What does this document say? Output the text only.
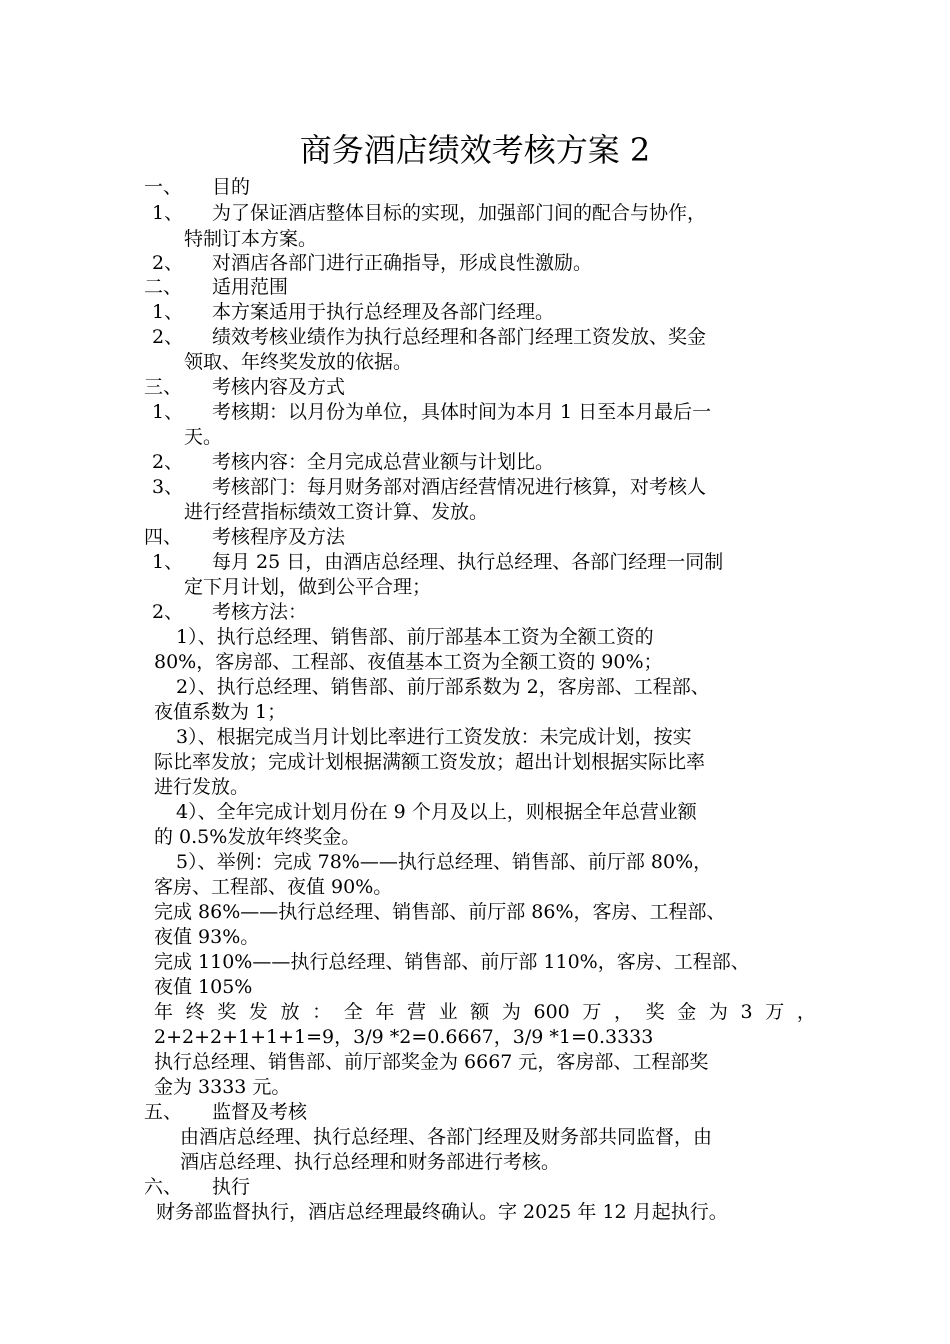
商务酒店绩效考核方案 2
一、 目的
1、 为了保证酒店整体目标的实现，加强部门间的配合与协作，
特制订本方案。
2、 对酒店各部门进行正确指导，形成良性激励。
二、 适用范围
1、 本方案适用于执行总经理及各部门经理。
2、 绩效考核业绩作为执行总经理和各部门经理工资发放、奖金
领取、年终奖发放的依据。
三、 考核内容及方式
1、 考核期：以月份为单位，具体时间为本月 1 日至本月最后一
天。
2、 考核内容：全月完成总营业额与计划比。
3、 考核部门：每月财务部对酒店经营情况进行核算，对考核人
进行经营指标绩效工资计算、发放。
四、 考核程序及方法
1、 每月 25 日，由酒店总经理、执行总经理、各部门经理一同制
定下月计划，做到公平合理；
2、 考核方法：
1）、执行总经理、销售部、前厅部基本工资为全额工资的
80%，客房部、工程部、夜值基本工资为全额工资的 90%；
2）、执行总经理、销售部、前厅部系数为 2，客房部、工程部、
夜值系数为 1；
3）、根据完成当月计划比率进行工资发放：未完成计划，按实
际比率发放；完成计划根据满额工资发放；超出计划根据实际比率
进行发放。
4）、全年完成计划月份在 9 个月及以上，则根据全年总营业额
的 0.5%发放年终奖金。
5）、举例：完成 78%——执行总经理、销售部、前厅部 80%，
客房、工程部、夜值 90%。
完成 86%——执行总经理、销售部、前厅部 86%，客房、工程部、
夜值 93%。
完成 110%——执行总经理、销售部、前厅部 110%，客房、工程部、
夜值 105%
年 终 奖 发 放 ： 全 年 营 业 额 为 600 万 ， 奖 金 为 3 万 ，
2+2+2+1+1+1=9，3/9 *2=0.6667，3/9 *1=0.3333
执行总经理、销售部、前厅部奖金为 6667 元，客房部、工程部奖
金为 3333 元。
五、 监督及考核
由酒店总经理、执行总经理、各部门经理及财务部共同监督，由
酒店总经理、执行总经理和财务部进行考核。
六、 执行
财务部监督执行，酒店总经理最终确认。字 2025 年 12 月起执行。
